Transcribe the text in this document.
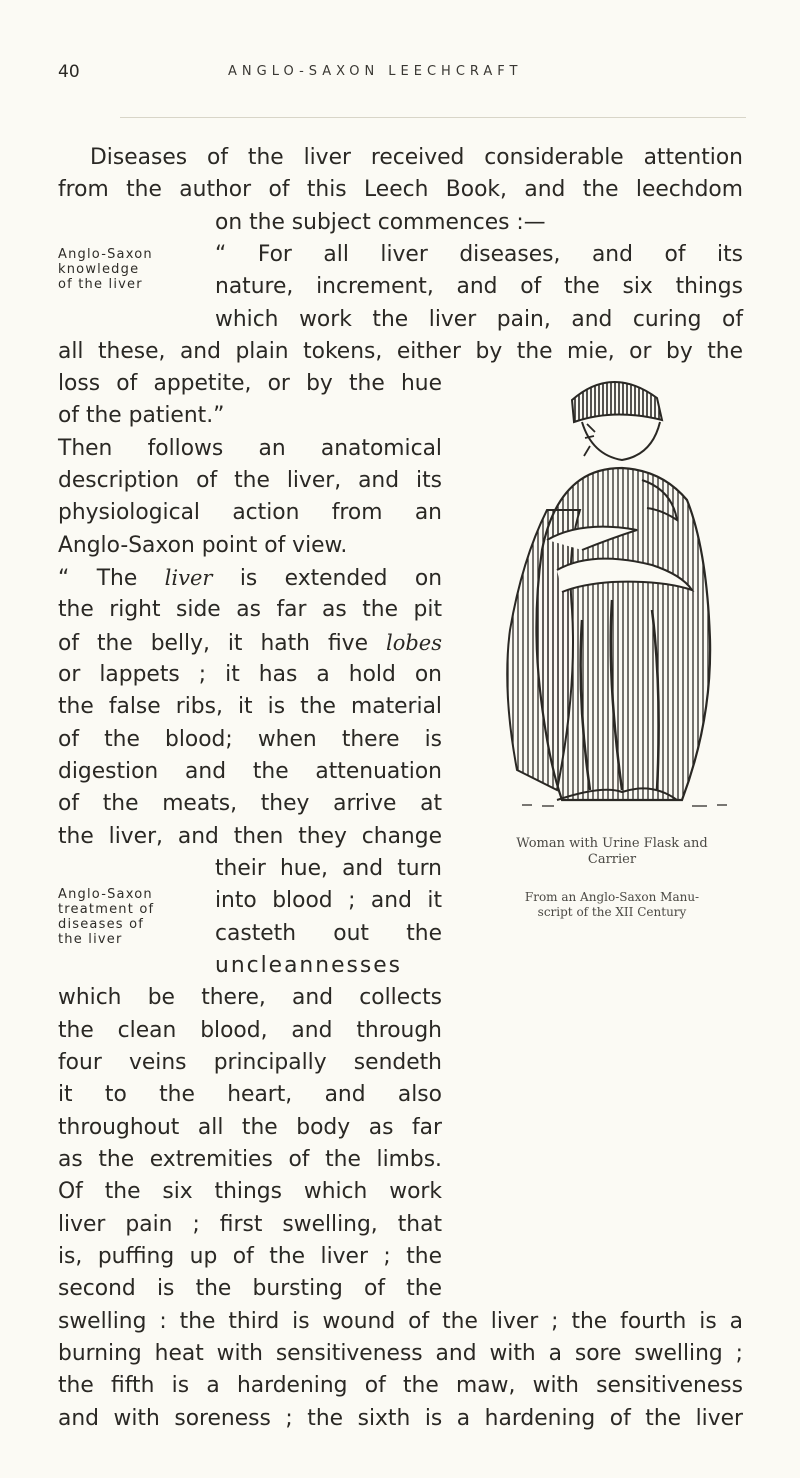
40	ANGLO-SAXON LEECHCRAFT
Diseases of the liver received considerable attention
from the author of this Leech Book, and the leechdom
on the subject commences :—
Anglo-Saxon
knowledge
of the liver
“ For all liver diseases, and of its
nature, increment, and of the six things
which work the liver pain, and curing of
all these, and plain tokens, either by the mie, or by the
loss of appetite, or by the hue
of the patient.”
Then follows an anatomical
description of the liver, and its
physiological action from an
Anglo-Saxon point of view.
“ The liver is extended on
the right side as far as the pit
of the belly, it hath five lobes
or lappets ; it has a hold on
the false ribs, it is the material
of the blood; when there is
digestion and the attenuation
of the meats, they arrive at
the liver, and then they change
their hue, and turn
Anglo-Saxon
treatment of
diseases of
the liver
into blood ; and it
casteth out the
uncleannesses
which be there, and collects
the clean blood, and through
four veins principally sendeth
it to the heart, and also
throughout all the body as far
as the extremities of the limbs.
Of the six things which work
liver pain ; first swelling, that
is, puffing up of the liver ; the
second is the bursting of the
swelling : the third is wound of the liver ; the fourth is a
burning heat with sensitiveness and with a sore swelling ;
the fifth is a hardening of the maw, with sensitiveness
and with soreness ; the sixth is a hardening of the liver
Woman with Urine Flask and
Carrier
From an Anglo-Saxon Manu-
script of the XII Century
